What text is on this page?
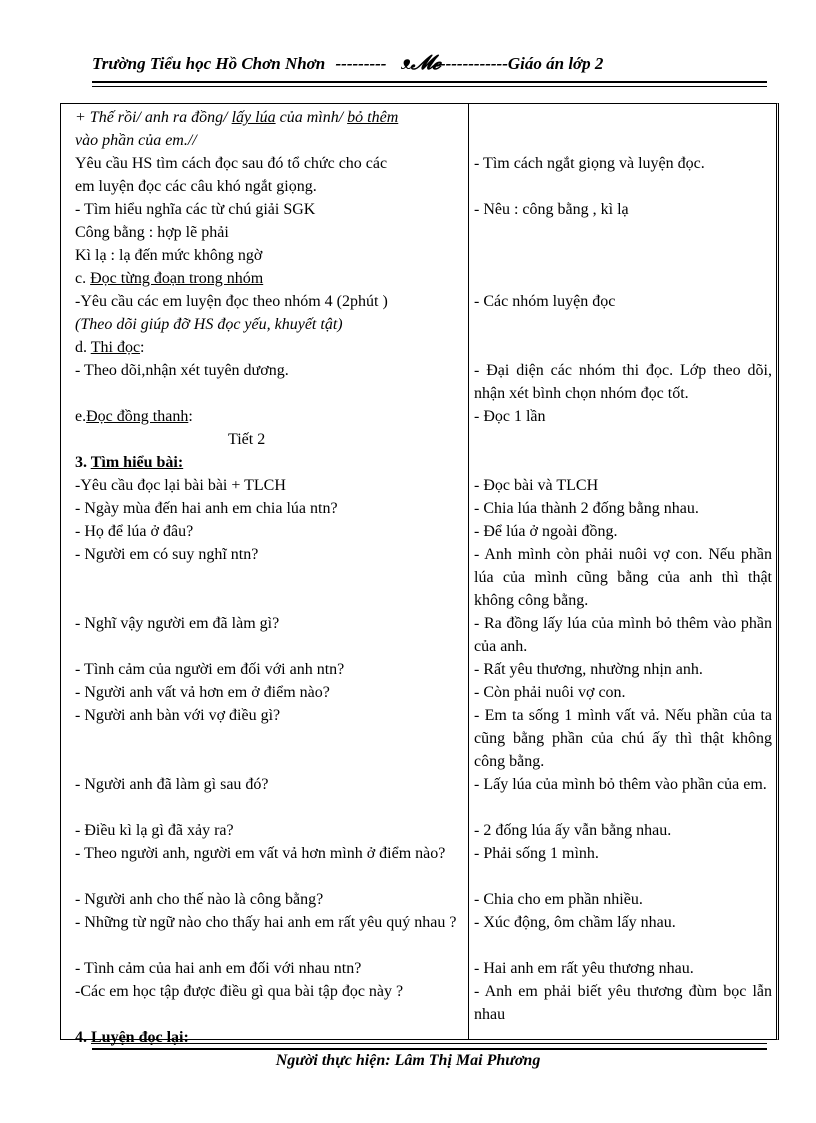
Trường Tiểu học Hồ Chơn Nhơn --------- ᴥ𝓜𝓮------------Giáo án lớp 2
+ Thế rồi/ anh ra đồng/ lấy lúa của mình/ bỏ thêm
vào phần của em.//
Yêu cầu HS tìm cách đọc sau đó tổ chức cho các
em luyện đọc các câu khó ngắt giọng.
- Tìm hiểu nghĩa các từ chú giải SGK
Công bằng : hợp lẽ phải
Kì lạ : lạ đến mức không ngờ
c. Đọc từng đoạn trong nhóm
-Yêu cầu các em luyện đọc theo nhóm 4 (2phút )
(Theo dõi giúp đỡ HS đọc yếu, khuyết tật)
d. Thi đọc:
- Theo dõi,nhận xét tuyên dương.
e.Đọc đồng thanh:
Tiết 2
3. Tìm hiểu bài:
-Yêu cầu đọc lại bài bài + TLCH
- Ngày mùa đến hai anh em chia lúa ntn?
- Họ để lúa ở đâu?
- Người em có suy nghĩ ntn?
- Nghĩ vậy người em đã làm gì?
- Tình cảm của người em đối với anh ntn?
- Người anh vất vả hơn em ở điểm nào?
- Người anh bàn với vợ điều gì?
- Người anh đã làm gì sau đó?
- Điều kì lạ gì đã xảy ra?
- Theo người anh, người em vất vả hơn mình ở điểm nào?
- Người anh cho thế nào là công bằng?
- Những từ ngữ nào cho thấy hai anh em rất yêu quý nhau ?
- Tình cảm của hai anh em đối với nhau ntn?
-Các em học tập được điều gì qua bài tập đọc này ?
4. Luyện đọc lại:
- Tìm cách ngắt giọng và luyện đọc.
- Nêu : công bằng , kì lạ
- Các nhóm luyện đọc
- Đại diện các nhóm thi đọc. Lớp theo dõi, nhận xét bình chọn nhóm đọc tốt.
- Đọc 1 lần
- Đọc bài và TLCH
- Chia lúa thành 2 đống bằng nhau.
- Để lúa ở ngoài đồng.
- Anh mình còn phải nuôi vợ con. Nếu phần lúa của mình cũng bằng của anh thì thật không công bằng.
- Ra đồng lấy lúa của mình bỏ thêm vào phần của anh.
- Rất yêu thương, nhường nhịn anh.
- Còn phải nuôi vợ con.
- Em ta sống 1 mình vất vả. Nếu phần của ta cũng bằng phần của chú ấy thì thật không công bằng.
- Lấy lúa của mình bỏ thêm vào phần của em.
- 2 đống lúa ấy vẫn bằng nhau.
- Phải sống 1 mình.
- Chia cho em phần nhiều.
- Xúc động, ôm chầm lấy nhau.
- Hai anh em rất yêu thương nhau.
- Anh em phải biết yêu thương đùm bọc lẫn nhau
Người thực hiện: Lâm Thị Mai Phương
